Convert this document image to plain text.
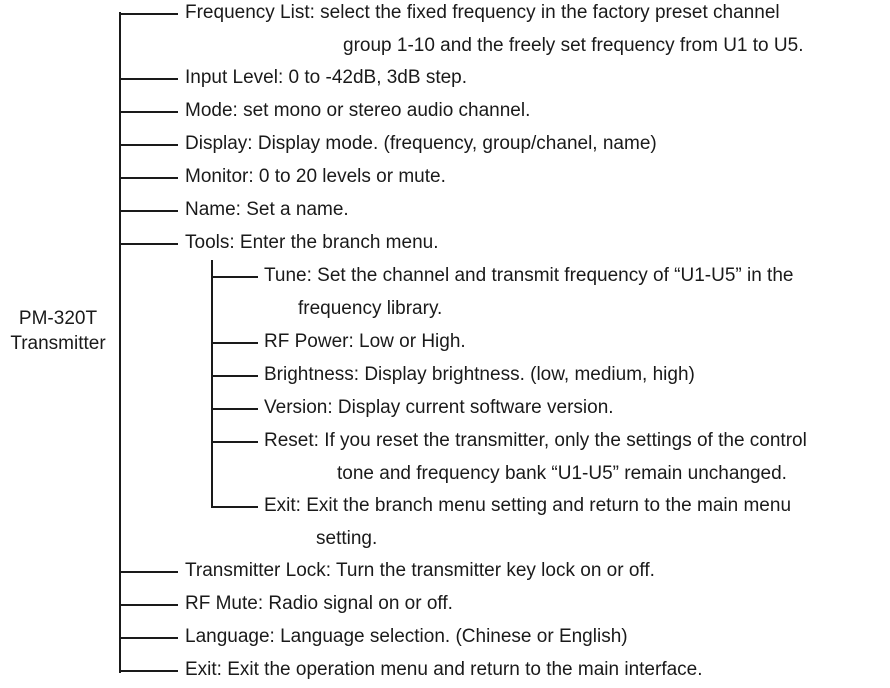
PM-320T
Transmitter
Frequency List: select the fixed frequency in the factory preset channel
group 1-10 and the freely set frequency from U1 to U5.
Input Level: 0 to -42dB, 3dB step.
Mode: set mono or stereo audio channel.
Display: Display mode. (frequency, group/chanel, name)
Monitor: 0 to 20 levels or mute.
Name: Set a name.
Tools: Enter the branch menu.
Transmitter Lock: Turn the transmitter key lock on or off.
RF Mute: Radio signal on or off.
Language: Language selection. (Chinese or English)
Exit: Exit the operation menu and return to the main interface.
Tune: Set the channel and transmit frequency of “U1-U5” in the
frequency library.
RF Power: Low or High.
Brightness: Display brightness. (low, medium, high)
Version: Display current software version.
Reset: If you reset the transmitter, only the settings of the control
tone and frequency bank “U1-U5” remain unchanged.
Exit: Exit the branch menu setting and return to the main menu
setting.
